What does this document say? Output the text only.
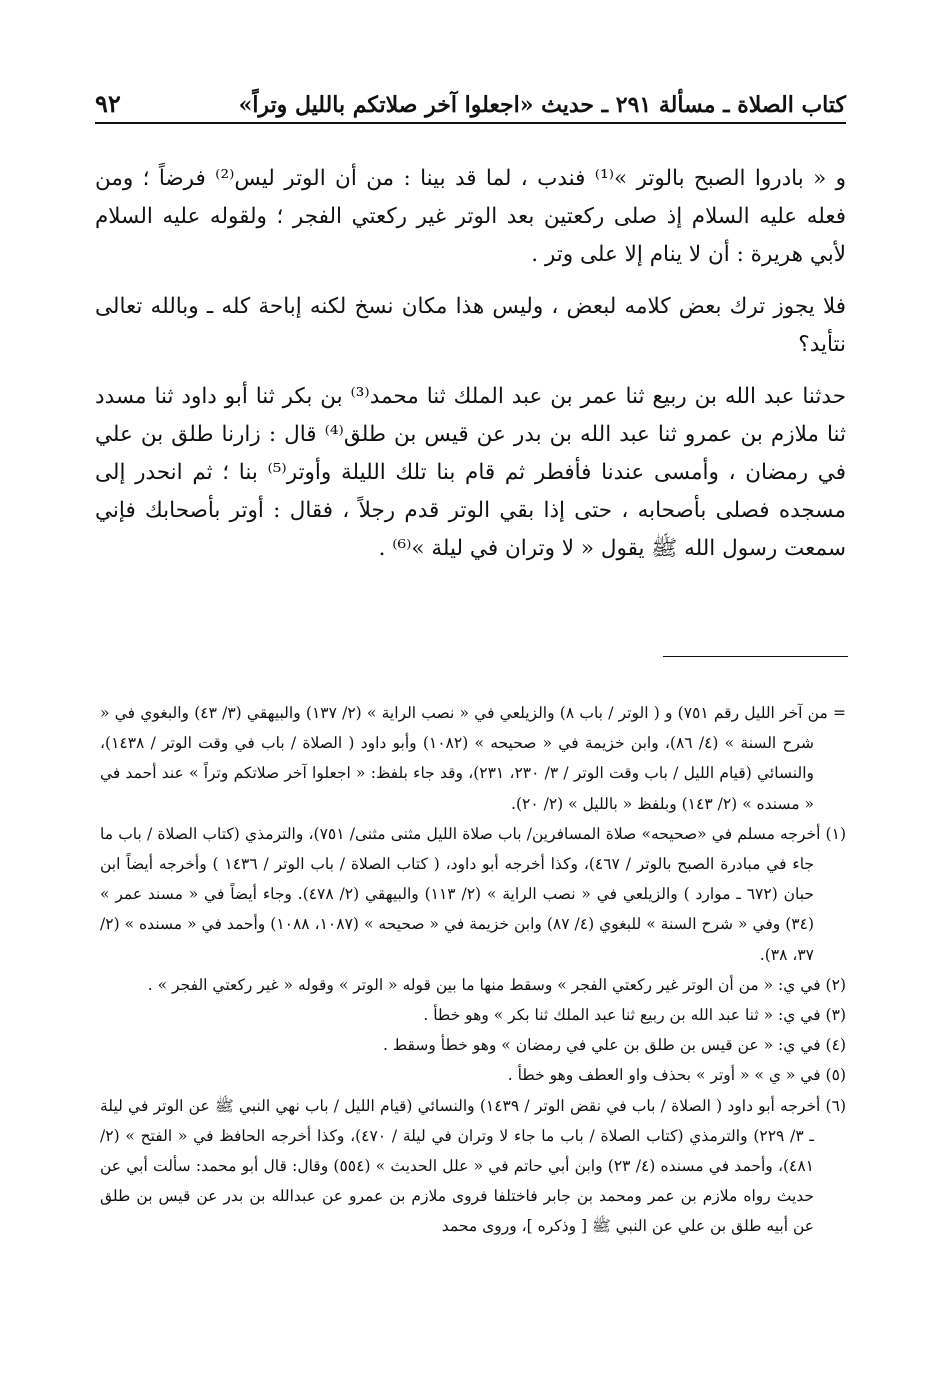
كتاب الصلاة ـ مسألة ٢٩١ ـ حديث «اجعلوا آخر صلاتكم بالليل وتراً»
٩٢

و « بادروا الصبح بالوتر »⁽¹⁾ فندب ، لما قد بينا : من أن الوتر ليس⁽²⁾ فرضاً ؛ ومن فعله عليه السلام إذ صلى ركعتين بعد الوتر غير ركعتي الفجر ؛ ولقوله عليه السلام لأبي هريرة : أن لا ينام إلا على وتر .

فلا يجوز ترك بعض كلامه لبعض ، وليس هذا مكان نسخ لكنه إباحة كله ـ وبالله تعالى نتأيد؟

حدثنا عبد الله بن ربيع ثنا عمر بن عبد الملك ثنا محمد⁽³⁾ بن بكر ثنا أبو داود ثنا مسدد ثنا ملازم بن عمرو ثنا عبد الله بن بدر عن قيس بن طلق⁽⁴⁾ قال : زارنا طلق بن علي في رمضان ، وأمسى عندنا فأفطر ثم قام بنا تلك الليلة وأوتر⁽⁵⁾ بنا ؛ ثم انحدر إلى مسجده فصلى بأصحابه ، حتى إذا بقي الوتر قدم رجلاً ، فقال : أوتر بأصحابك فإني سمعت رسول الله ﷺ يقول « لا وتران في ليلة »⁽⁶⁾ .

= من آخر الليل رقم ٧٥١) و ( الوتر / باب ٨) والزيلعي في « نصب الراية » (٢/ ١٣٧) والبيهقي (٣/ ٤٣) والبغوي في « شرح السنة » (٤/ ٨٦)، وابن خزيمة في « صحيحه » (١٠٨٢) وأبو داود ( الصلاة / باب في وقت الوتر / ١٤٣٨)، والنسائي (قيام الليل / باب وقت الوتر / ٣/ ٢٣٠، ٢٣١)، وقد جاء بلفظ: « اجعلوا آخر صلاتكم وتراً » عند أحمد في « مسنده » (٢/ ١٤٣) وبلفظ « بالليل » (٢/ ٢٠).

(١) أخرجه مسلم في «صحيحه» صلاة المسافرين/ باب صلاة الليل مثنى مثنى/ ٧٥١)، والترمذي (كتاب الصلاة / باب ما جاء في مبادرة الصبح بالوتر / ٤٦٧)، وكذا أخرجه أبو داود، ( كتاب الصلاة / باب الوتر / ١٤٣٦ ) وأخرجه أيضاً ابن حبان (٦٧٢ ـ موارد ) والزيلعي في « نصب الراية » (٢/ ١١٣) والبيهقي (٢/ ٤٧٨). وجاء أيضاً في « مسند عمر » (٣٤) وفي « شرح السنة » للبغوي (٤/ ٨٧) وابن خزيمة في « صحيحه » (١٠٨٧، ١٠٨٨) وأحمد في « مسنده » (٢/ ٣٧، ٣٨).

(٢) في ي: « من أن الوتر غير ركعتي الفجر » وسقط منها ما بين قوله « الوتر » وقوله « غير ركعتي الفجر » .

(٣) في ي: « ثنا عبد الله بن ربيع ثنا عبد الملك ثنا بكر » وهو خطأ .

(٤) في ي: « عن قيس بن طلق بن علي في رمضان » وهو خطأ وسقط .

(٥) في « ي » « أوتر » بحذف واو العطف وهو خطأ .

(٦) أخرجه أبو داود ( الصلاة / باب في نقض الوتر / ١٤٣٩) والنسائي (قيام الليل / باب نهي النبي ﷺ عن الوتر في ليلة ـ ٣/ ٢٢٩) والترمذي (كتاب الصلاة / باب ما جاء لا وتران في ليلة / ٤٧٠)، وكذا أخرجه الحافظ في « الفتح » (٢/ ٤٨١)، وأحمد في مسنده (٤/ ٢٣) وابن أبي حاتم في « علل الحديث » (٥٥٤) وقال: قال أبو محمد: سألت أبي عن حديث رواه ملازم بن عمر ومحمد بن جابر فاختلفا فروى ملازم بن عمرو عن عبدالله بن بدر عن قيس بن طلق عن أبيه طلق بن علي عن النبي ﷺ [ وذكره ]، وروى محمد
